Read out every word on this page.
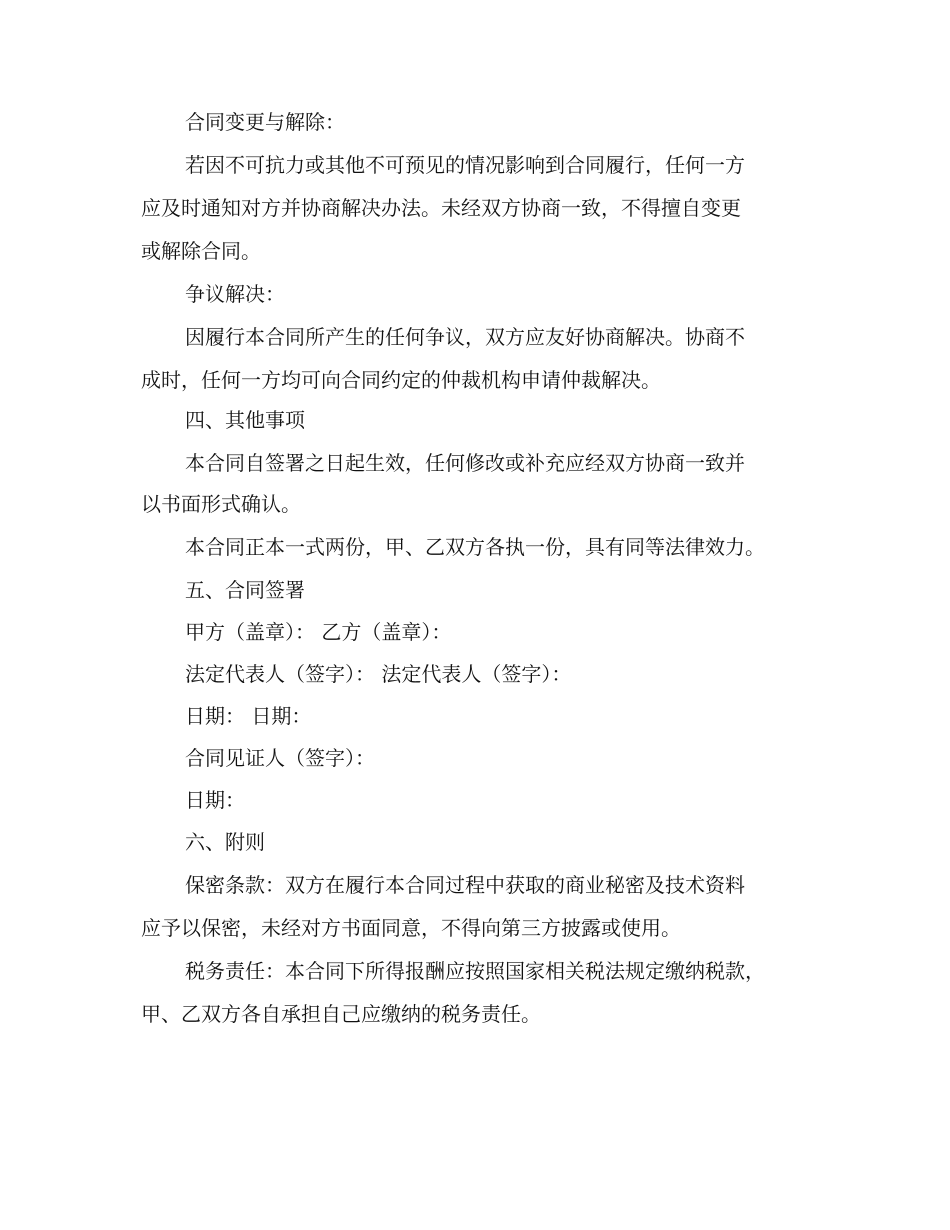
合同变更与解除：
若因不可抗力或其他不可预见的情况影响到合同履行，任何一方
应及时通知对方并协商解决办法。未经双方协商一致，不得擅自变更
或解除合同。
争议解决：
因履行本合同所产生的任何争议，双方应友好协商解决。协商不
成时，任何一方均可向合同约定的仲裁机构申请仲裁解决。
四、其他事项
本合同自签署之日起生效，任何修改或补充应经双方协商一致并
以书面形式确认。
本合同正本一式两份，甲、乙双方各执一份，具有同等法律效力。
五、合同签署
甲方（盖章）： 乙方（盖章）：
法定代表人（签字）： 法定代表人（签字）：
日期： 日期：
合同见证人（签字）：
日期：
六、附则
保密条款：双方在履行本合同过程中获取的商业秘密及技术资料
应予以保密，未经对方书面同意，不得向第三方披露或使用。
税务责任：本合同下所得报酬应按照国家相关税法规定缴纳税款，
甲、乙双方各自承担自己应缴纳的税务责任。
